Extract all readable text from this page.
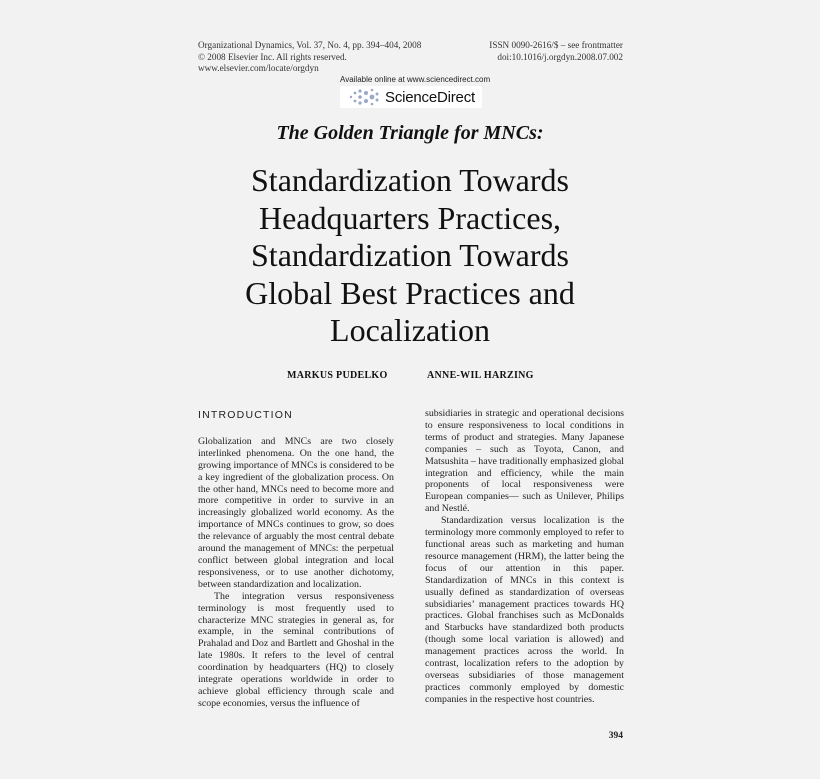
Organizational Dynamics, Vol. 37, No. 4, pp. 394–404, 2008
© 2008 Elsevier Inc. All rights reserved.
www.elsevier.com/locate/orgdyn
ISSN 0090-2616/$ – see frontmatter
doi:10.1016/j.orgdyn.2008.07.002
Available online at www.sciencedirect.com
ScienceDirect
The Golden Triangle for MNCs:
Standardization Towards
Headquarters Practices,
Standardization Towards
Global Best Practices and
Localization
MARKUS PUDELKO	ANNE-WIL HARZING
INTRODUCTION

Globalization and MNCs are two closely interlinked phenomena. On the one hand, the growing importance of MNCs is considered to be a key ingredient of the globalization process. On the other hand, MNCs need to become more and more competitive in order to survive in an increasingly globalized world economy. As the importance of MNCs continues to grow, so does the relevance of arguably the most central debate around the management of MNCs: the perpetual conflict between global integration and local responsiveness, or to use another dichotomy, between standardization and localization.

The integration versus responsiveness terminology is most frequently used to characterize MNC strategies in general as, for example, in the seminal contributions of Prahalad and Doz and Bartlett and Ghoshal in the late 1980s. It refers to the level of central coordination by headquarters (HQ) to closely integrate operations worldwide in order to achieve global efficiency through scale and scope economies, versus the influence of

subsidiaries in strategic and operational decisions to ensure responsiveness to local conditions in terms of product and strategies. Many Japanese companies – such as Toyota, Canon, and Matsushita – have traditionally emphasized global integration and efficiency, while the main proponents of local responsiveness were European companies— such as Unilever, Philips and Nestlé.

Standardization versus localization is the terminology more commonly employed to refer to functional areas such as marketing and human resource management (HRM), the latter being the focus of our attention in this paper. Standardization of MNCs in this context is usually defined as standardization of overseas subsidiaries’ management practices towards HQ practices. Global franchises such as McDonalds and Starbucks have standardized both products (though some local variation is allowed) and management practices across the world. In contrast, localization refers to the adoption by overseas subsidiaries of those management practices commonly employed by domestic companies in the respective host countries.

394
